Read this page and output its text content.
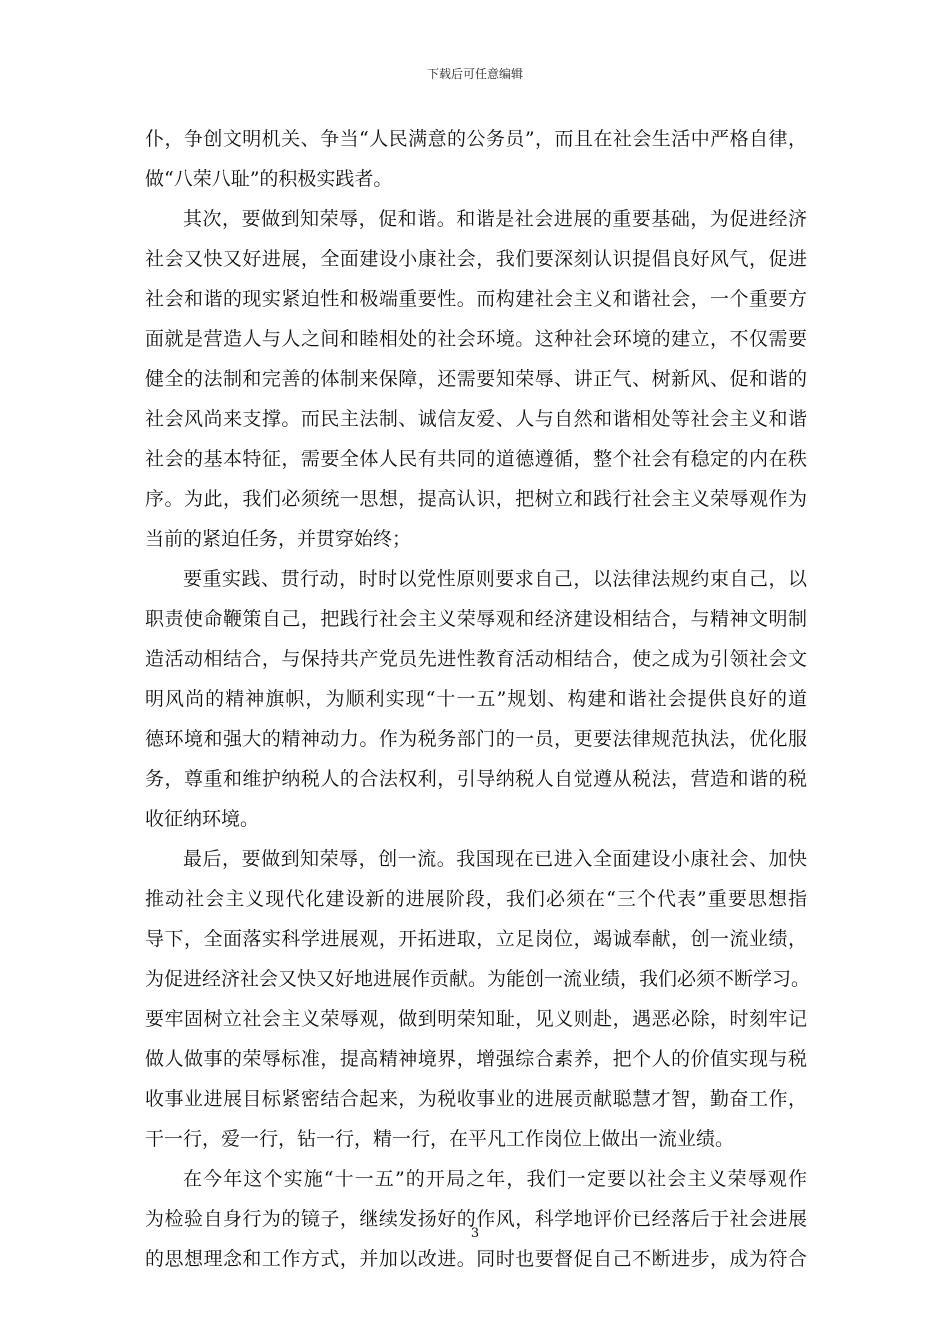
下载后可任意编辑
仆，争创文明机关、争当“人民满意的公务员”，而且在社会生活中严格自律，
做“八荣八耻”的积极实践者。
其次，要做到知荣辱，促和谐。和谐是社会进展的重要基础，为促进经济
社会又快又好进展，全面建设小康社会，我们要深刻认识提倡良好风气，促进
社会和谐的现实紧迫性和极端重要性。而构建社会主义和谐社会，一个重要方
面就是营造人与人之间和睦相处的社会环境。这种社会环境的建立，不仅需要
健全的法制和完善的体制来保障，还需要知荣辱、讲正气、树新风、促和谐的
社会风尚来支撑。而民主法制、诚信友爱、人与自然和谐相处等社会主义和谐
社会的基本特征，需要全体人民有共同的道德遵循，整个社会有稳定的内在秩
序。为此，我们必须统一思想，提高认识，把树立和践行社会主义荣辱观作为
当前的紧迫任务，并贯穿始终；
要重实践、贯行动，时时以党性原则要求自己，以法律法规约束自己，以
职责使命鞭策自己，把践行社会主义荣辱观和经济建设相结合，与精神文明制
造活动相结合，与保持共产党员先进性教育活动相结合，使之成为引领社会文
明风尚的精神旗帜，为顺利实现“十一五”规划、构建和谐社会提供良好的道
德环境和强大的精神动力。作为税务部门的一员，更要法律规范执法，优化服
务，尊重和维护纳税人的合法权利，引导纳税人自觉遵从税法，营造和谐的税
收征纳环境。
最后，要做到知荣辱，创一流。我国现在已进入全面建设小康社会、加快
推动社会主义现代化建设新的进展阶段，我们必须在“三个代表”重要思想指
导下，全面落实科学进展观，开拓进取，立足岗位，竭诚奉献，创一流业绩，
为促进经济社会又快又好地进展作贡献。为能创一流业绩，我们必须不断学习。
要牢固树立社会主义荣辱观，做到明荣知耻，见义则赴，遇恶必除，时刻牢记
做人做事的荣辱标准，提高精神境界，增强综合素养，把个人的价值实现与税
收事业进展目标紧密结合起来，为税收事业的进展贡献聪慧才智，勤奋工作，
干一行，爱一行，钻一行，精一行，在平凡工作岗位上做出一流业绩。
在今年这个实施“十一五”的开局之年，我们一定要以社会主义荣辱观作
为检验自身行为的镜子，继续发扬好的作风，科学地评价已经落后于社会进展
的思想理念和工作方式，并加以改进。同时也要督促自己不断进步，成为符合
3
